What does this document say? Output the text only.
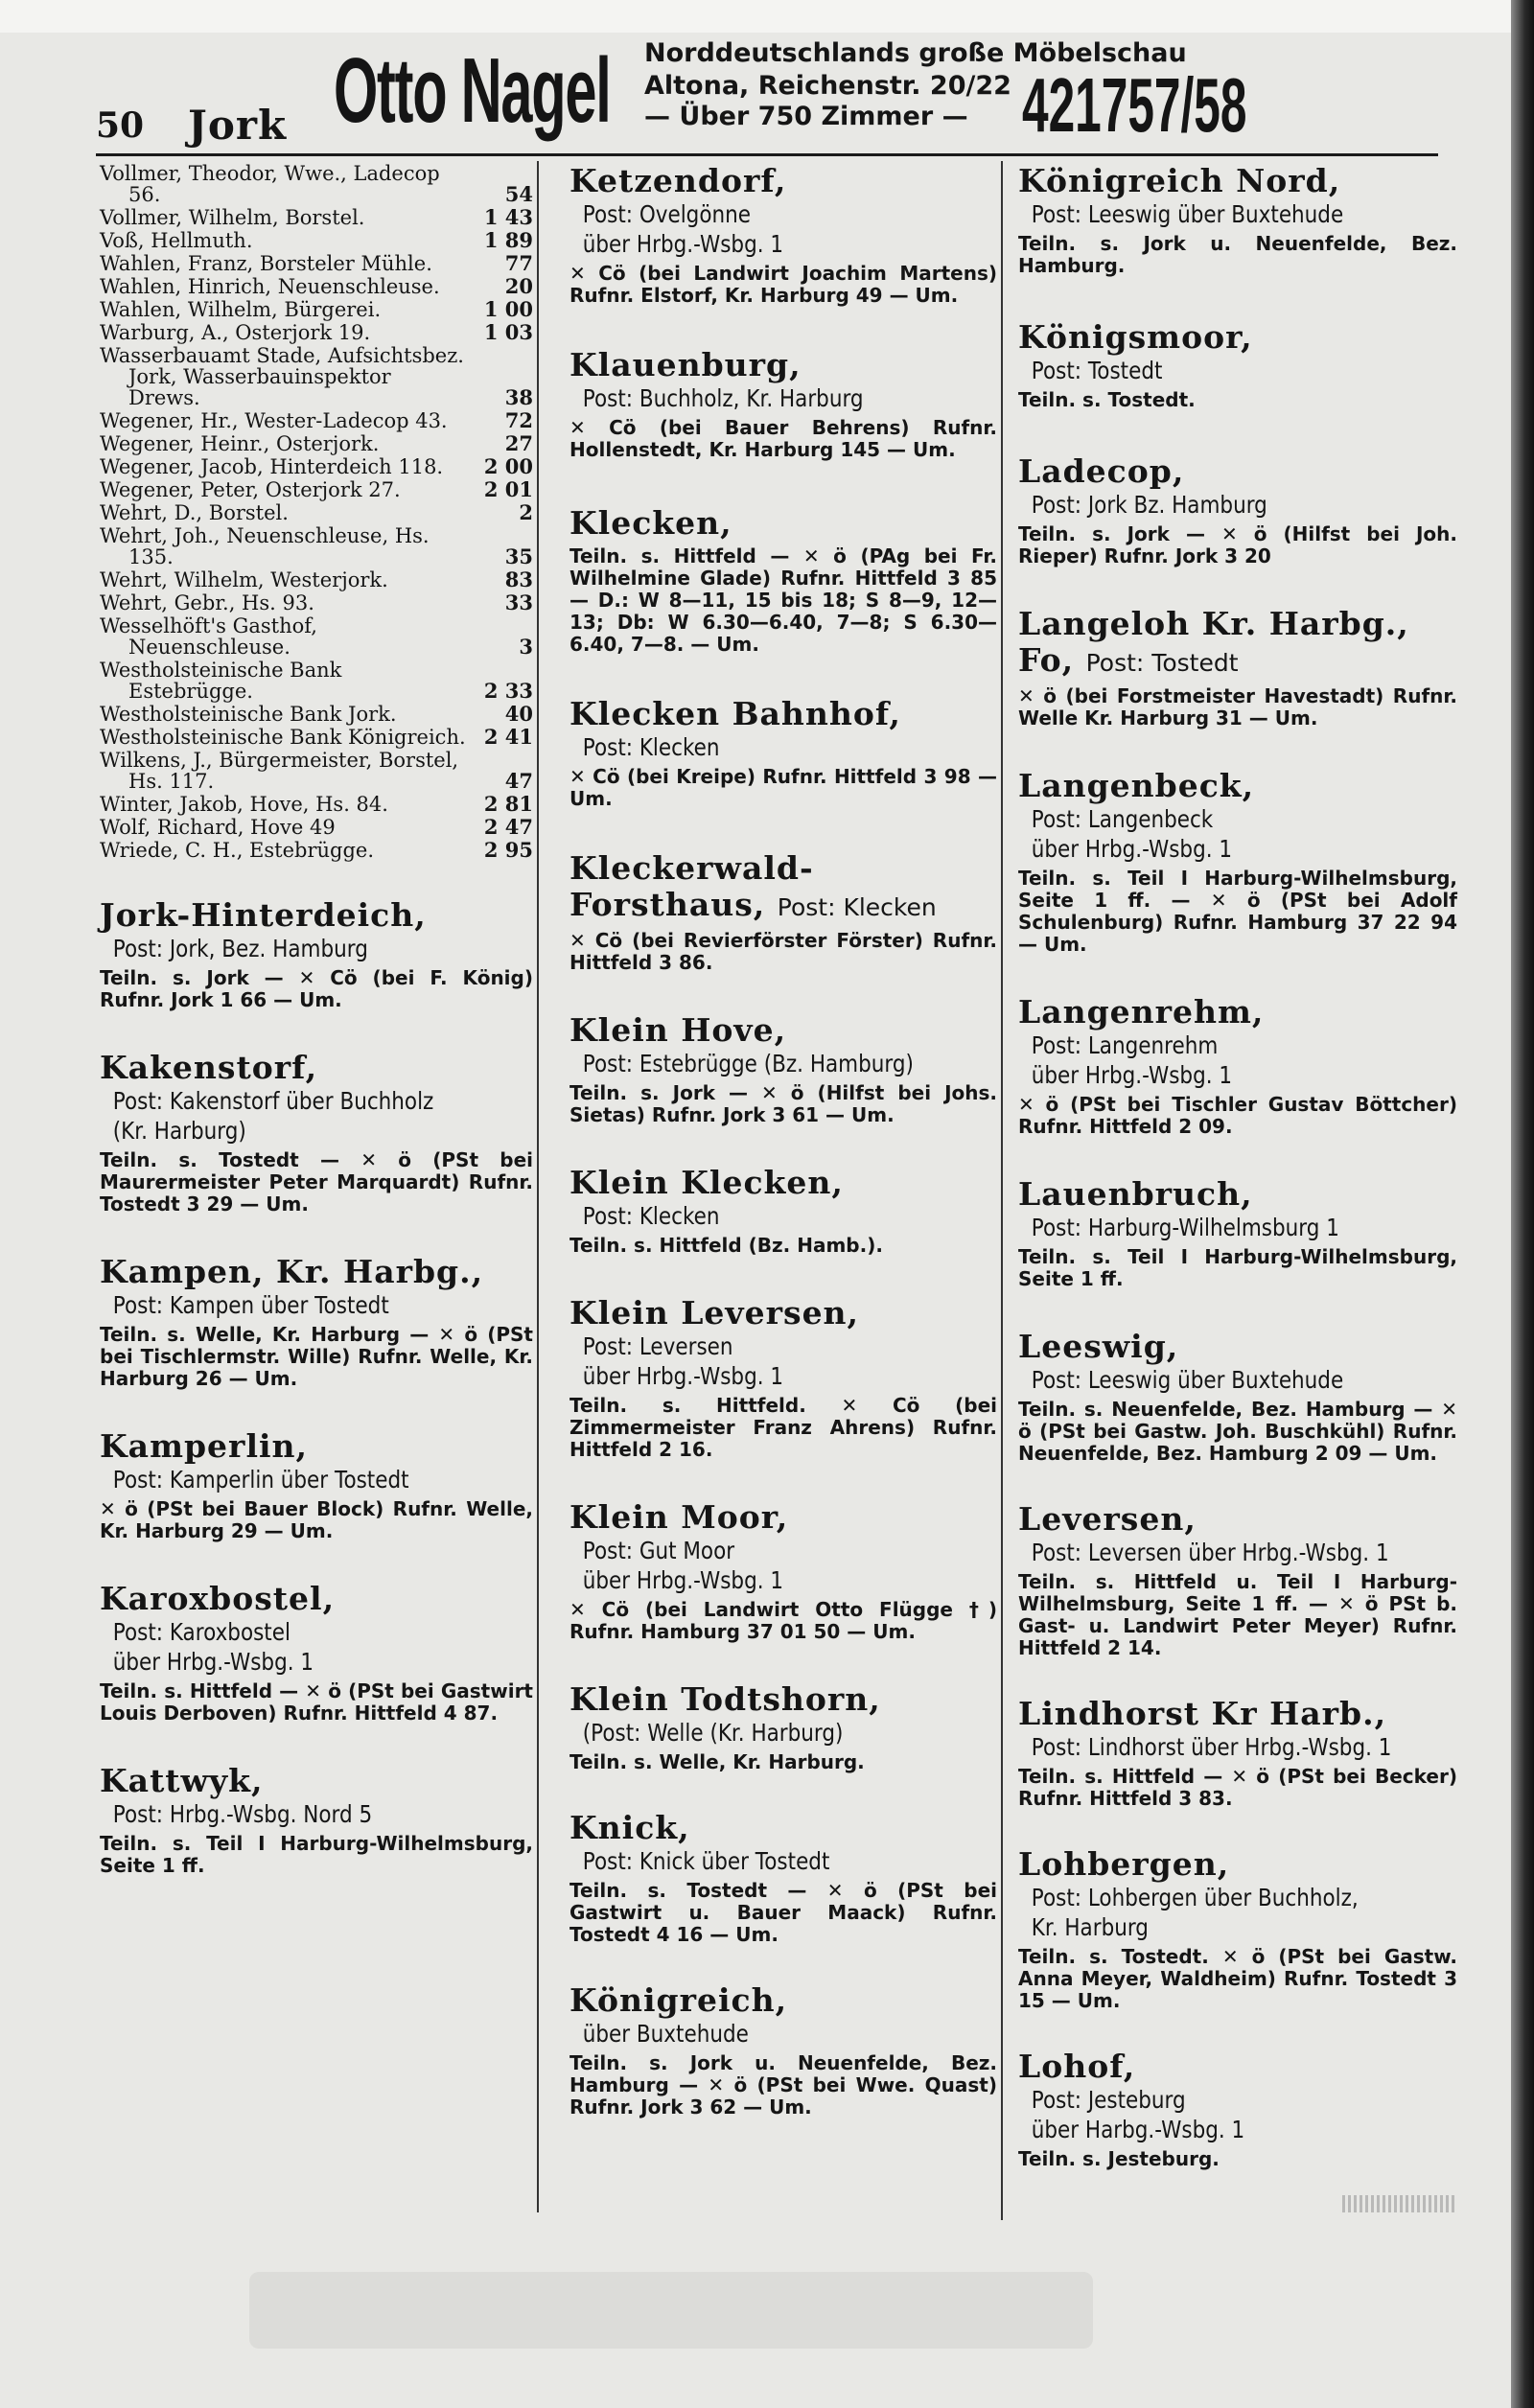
50 Jork Otto Nagel Norddeutschlands große Möbelschau
Altona, Reichenstr. 20/22
— Über 750 Zimmer — 421757/58
Vollmer, Theodor, Wwe., Ladecop 56.	54
Vollmer, Wilhelm, Borstel.	1 43
Voß, Hellmuth.	1 89
Wahlen, Franz, Borsteler Mühle.	77
Wahlen, Hinrich, Neuenschleuse.	20
Wahlen, Wilhelm, Bürgerei.	1 00
Warburg, A., Osterjork 19.	1 03
Wasserbauamt Stade, Aufsichtsbez. Jork, Wasserbauinspektor Drews.	38
Wegener, Hr., Wester-Ladecop 43.	72
Wegener, Heinr., Osterjork.	27
Wegener, Jacob, Hinterdeich 118.	2 00
Wegener, Peter, Osterjork 27.	2 01
Wehrt, D., Borstel.	2
Wehrt, Joh., Neuenschleuse, Hs. 135.	35
Wehrt, Wilhelm, Westerjork.	83
Wehrt, Gebr., Hs. 93.	33
Wesselhöft's Gasthof, Neuenschleuse.	3
Westholsteinische Bank Estebrügge.	2 33
Westholsteinische Bank Jork.	40
Westholsteinische Bank Königreich. 2 41
Wilkens, J., Bürgermeister, Borstel, Hs. 117.	47
Winter, Jakob, Hove, Hs. 84.	2 81
Wolf, Richard, Hove 49	2 47
Wriede, C. H., Estebrügge.	2 95
Jork-Hinterdeich,
Post: Jork, Bez. Hamburg
Teiln. s. Jork — ✕ Cö (bei F. König) Rufnr. Jork 1 66 — Um.
Kakenstorf,
Post: Kakenstorf über Buchholz
(Kr. Harburg)
Teiln. s. Tostedt — ✕ ö (PSt bei Maurermeister Peter Marquardt) Rufnr. Tostedt 3 29 — Um.
Kampen, Kr. Harbg.,
Post: Kampen über Tostedt
Teiln. s. Welle, Kr. Harburg — ✕ ö (PSt bei Tischlermstr. Wille) Rufnr. Welle, Kr. Harburg 26 — Um.
Kamperlin,
Post: Kamperlin über Tostedt
✕ ö (PSt bei Bauer Block) Rufnr. Welle, Kr. Harburg 29 — Um.
Karoxbostel,
Post: Karoxbostel
über Hrbg.-Wsbg. 1
Teiln. s. Hittfeld — ✕ ö (PSt bei Gastwirt Louis Derboven) Rufnr. Hittfeld 4 87.
Kattwyk,
Post: Hrbg.-Wsbg. Nord 5
Teiln. s. Teil I Harburg-Wilhelmsburg, Seite 1 ff.
Ketzendorf,
Post: Ovelgönne
über Hrbg.-Wsbg. 1
✕ Cö (bei Landwirt Joachim Martens) Rufnr. Elstorf, Kr. Harburg 49 — Um.
Klauenburg,
Post: Buchholz, Kr. Harburg
✕ Cö (bei Bauer Behrens) Rufnr. Hollenstedt, Kr. Harburg 145 — Um.
Klecken,
Teiln. s. Hittfeld — ✕ ö (PAg bei Fr. Wilhelmine Glade) Rufnr. Hittfeld 3 85 — D.: W 8—11, 15 bis 18; S 8—9, 12—13; Db: W 6.30—6.40, 7—8; S 6.30—6.40, 7—8. — Um.
Klecken Bahnhof,
Post: Klecken
✕ Cö (bei Kreipe) Rufnr. Hittfeld 3 98 — Um.
Kleckerwald-Forsthaus, Post: Klecken
✕ Cö (bei Revierförster Förster) Rufnr. Hittfeld 3 86.
Klein Hove,
Post: Estebrügge (Bz. Hamburg)
Teiln. s. Jork — ✕ ö (Hilfst bei Johs. Sietas) Rufnr. Jork 3 61 — Um.
Klein Klecken,
Post: Klecken
Teiln. s. Hittfeld (Bz. Hamb.).
Klein Leversen,
Post: Leversen
über Hrbg.-Wsbg. 1
Teiln. s. Hittfeld. ✕ Cö (bei Zimmermeister Franz Ahrens) Rufnr. Hittfeld 2 16.
Klein Moor,
Post: Gut Moor
über Hrbg.-Wsbg. 1
✕ Cö (bei Landwirt Otto Flügge †) Rufnr. Hamburg 37 01 50 — Um.
Klein Todtshorn,
(Post: Welle (Kr. Harburg)
Teiln. s. Welle, Kr. Harburg.
Knick,
Post: Knick über Tostedt
Teiln. s. Tostedt — ✕ ö (PSt bei Gastwirt u. Bauer Maack) Rufnr. Tostedt 4 16 — Um.
Königreich,
über Buxtehude
Teiln. s. Jork u. Neuenfelde, Bez. Hamburg — ✕ ö (PSt bei Wwe. Quast) Rufnr. Jork 3 62 — Um.
Königreich Nord,
Post: Leeswig über Buxtehude
Teiln. s. Jork u. Neuenfelde, Bez. Hamburg.
Königsmoor,
Post: Tostedt
Teiln. s. Tostedt.
Ladecop,
Post: Jork Bz. Hamburg
Teiln. s. Jork — ✕ ö (Hilfst bei Joh. Rieper) Rufnr. Jork 3 20
Langeloh Kr. Harbg., Fo, Post: Tostedt
✕ ö (bei Forstmeister Havestadt) Rufnr. Welle Kr. Harburg 31 — Um.
Langenbeck,
Post: Langenbeck
über Hrbg.-Wsbg. 1
Teiln. s. Teil I Harburg-Wilhelmsburg, Seite 1 ff. — ✕ ö (PSt bei Adolf Schulenburg) Rufnr. Hamburg 37 22 94 — Um.
Langenrehm,
Post: Langenrehm
über Hrbg.-Wsbg. 1
✕ ö (PSt bei Tischler Gustav Böttcher) Rufnr. Hittfeld 2 09.
Lauenbruch,
Post: Harburg-Wilhelmsburg 1
Teiln. s. Teil I Harburg-Wilhelmsburg, Seite 1 ff.
Leeswig,
Post: Leeswig über Buxtehude
Teiln. s. Neuenfelde, Bez. Hamburg — ✕ ö (PSt bei Gastw. Joh. Buschkühl) Rufnr. Neuenfelde, Bez. Hamburg 2 09 — Um.
Leversen,
Post: Leversen über Hrbg.-Wsbg. 1
Teiln. s. Hittfeld u. Teil I Harburg-Wilhelmsburg, Seite 1 ff. — ✕ ö PSt b. Gast- u. Landwirt Peter Meyer) Rufnr. Hittfeld 2 14.
Lindhorst Kr Harb.,
Post: Lindhorst über Hrbg.-Wsbg. 1
Teiln. s. Hittfeld — ✕ ö (PSt bei Becker) Rufnr. Hittfeld 3 83.
Lohbergen,
Post: Lohbergen über Buchholz,
Kr. Harburg
Teiln. s. Tostedt. ✕ ö (PSt bei Gastw. Anna Meyer, Waldheim) Rufnr. Tostedt 3 15 — Um.
Lohof,
Post: Jesteburg
über Harbg.-Wsbg. 1
Teiln. s. Jesteburg.
